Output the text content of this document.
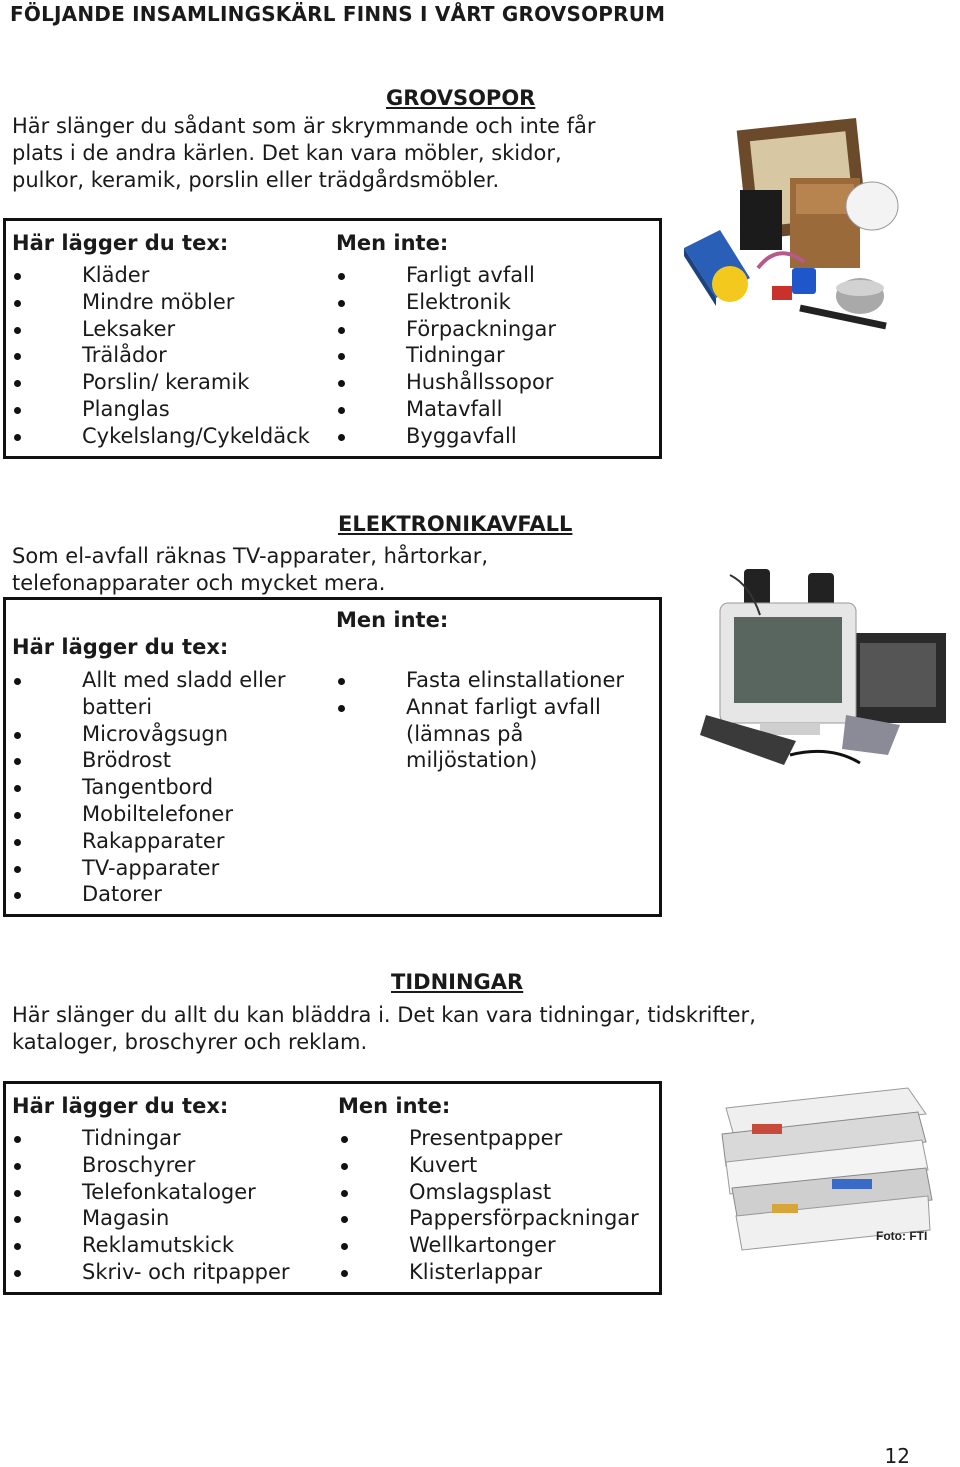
FÖLJANDE INSAMLINGSKÄRL FINNS I VÅRT GROVSOPRUM
GROVSOPOR
Här slänger du sådant som är skrymmande och inte får
plats i de andra kärlen. Det kan vara möbler, skidor,
pulkor, keramik, porslin eller trädgårdsmöbler.
Här lägger du tex:	Men inte:
Kläder
Mindre möbler
Leksaker
Trälådor
Porslin/ keramik
Planglas
Cykelslang/Cykeldäck
Farligt avfall
Elektronik
Förpackningar
Tidningar
Hushållssopor
Matavfall
Byggavfall
ELEKTRONIKAVFALL
Som el-avfall räknas TV-apparater, hårtorkar,
telefonapparater och mycket mera.
Här lägger du tex:
Men inte:
Allt med sladd eller
batteri
Microvågsugn
Brödrost
Tangentbord
Mobiltelefoner
Rakapparater
TV-apparater
Datorer
Fasta elinstallationer
Annat farligt avfall
(lämnas på
miljöstation)
TIDNINGAR
Här slänger du allt du kan bläddra i. Det kan vara tidningar, tidskrifter,
kataloger, broschyrer och reklam.
Här lägger du tex:	Men inte:
Tidningar
Broschyrer
Telefonkataloger
Magasin
Reklamutskick
Skriv- och ritpapper
Presentpapper
Kuvert
Omslagsplast
Pappersförpackningar
Wellkartonger
Klisterlappar
Foto: FTI
12
